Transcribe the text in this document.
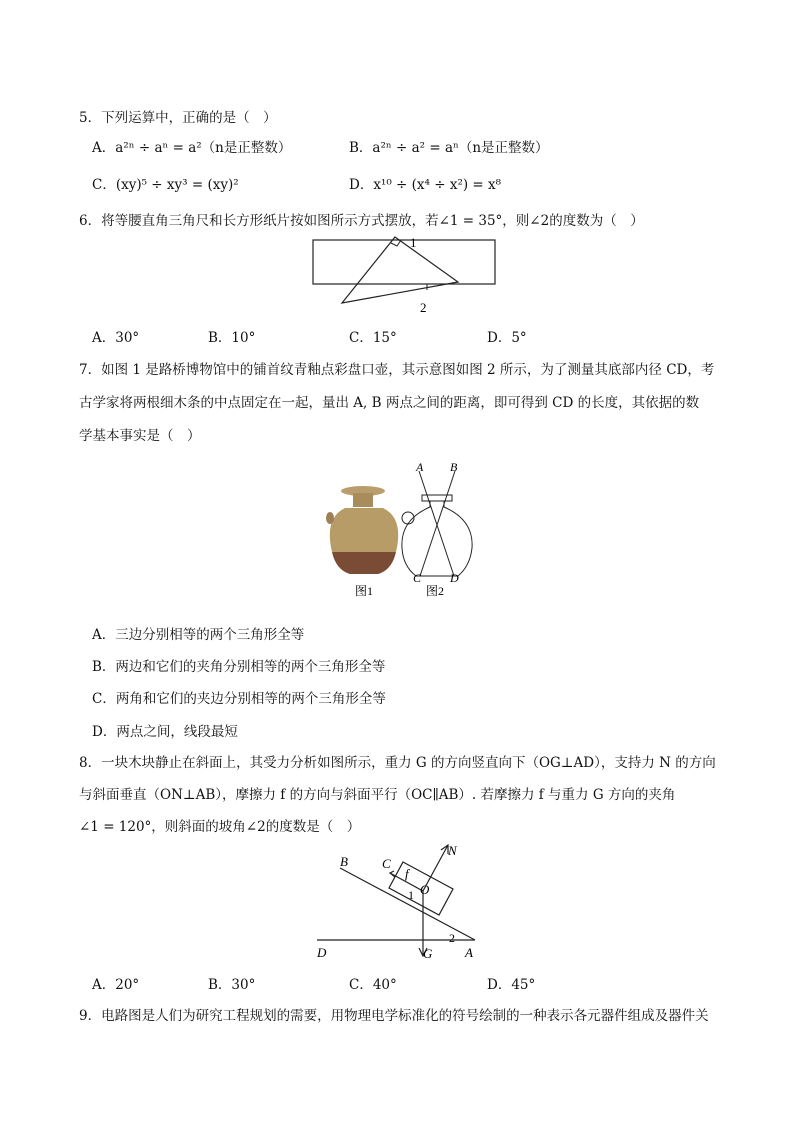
5．下列运算中，正确的是（　）
A．a²ⁿ ÷ aⁿ = a²（n是正整数）	B．a²ⁿ ÷ a² = aⁿ（n是正整数）
C．(xy)⁵ ÷ xy³ = (xy)²	D．x¹⁰ ÷ (x⁴ ÷ x²) = x⁸
6．将等腰直角三角尺和长方形纸片按如图所示方式摆放，若∠1 = 35°，则∠2的度数为（　）
1
2
A．30°	B．10°	C．15°	D．5°
7．如图 1 是路桥博物馆中的铺首纹青釉点彩盘口壶，其示意图如图 2 所示，为了测量其底部内径 CD，考
古学家将两根细木条的中点固定在一起，量出 A, B 两点之间的距离，即可得到 CD 的长度，其依据的数
学基本事实是（　）
图1
A B
C D
图2
A．三边分别相等的两个三角形全等
B．两边和它们的夹角分别相等的两个三角形全等
C．两角和它们的夹边分别相等的两个三角形全等
D．两点之间，线段最短
8．一块木块静止在斜面上，其受力分析如图所示，重力 G 的方向竖直向下（OG⊥AD），支持力 N 的方向
与斜面垂直（ON⊥AB），摩擦力 f 的方向与斜面平行（OC∥AB）. 若摩擦力 f 与重力 G 方向的夹角
∠1 = 120°，则斜面的坡角∠2的度数是（　）
B	C
f
O
N
1
2
D	G	A
A．20°	B．30°	C．40°	D．45°
9．电路图是人们为研究工程规划的需要，用物理电学标准化的符号绘制的一种表示各元器件组成及器件关
